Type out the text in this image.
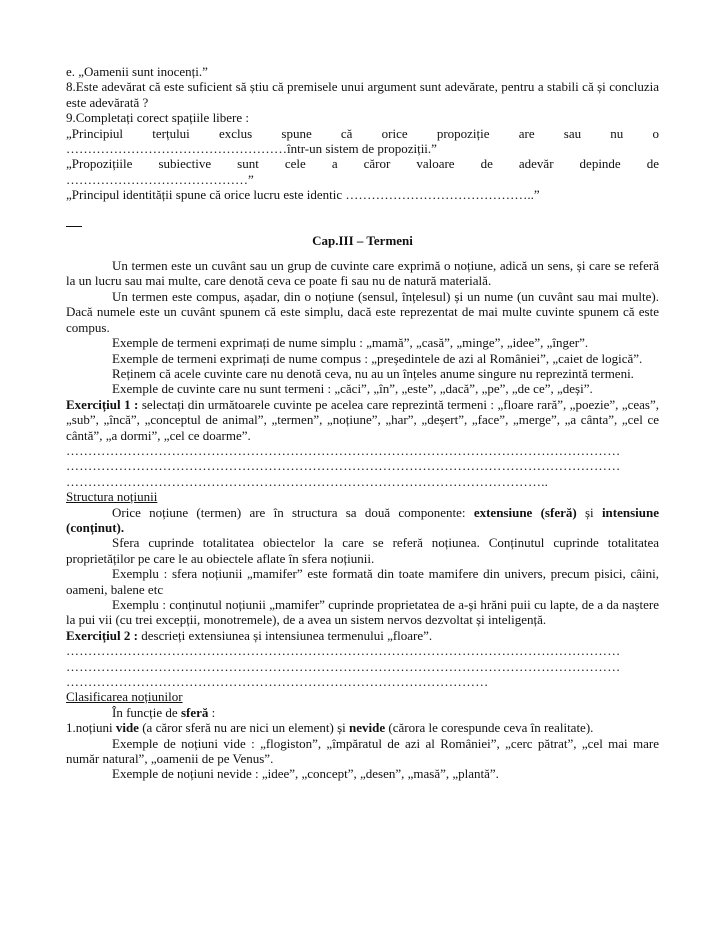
e. „Oamenii sunt inocenți.”

8.Este adevărat că este suficient să știu că premisele unui argument sunt adevărate, pentru a stabili că și concluzia este adevărată ?

9.Completați corect spațiile libere :

„Principiul terțului exclus spune că orice propoziție are sau nu o

……………………………………………într-un sistem de propoziții.”

„Propozițiile subiective sunt cele a căror valoare de adevăr depinde de

……………………………………”

„Principul identității spune că orice lucru este identic ……………………………………..”

Cap.III – Termeni

Un termen este un cuvânt sau un grup de cuvinte care exprimă o noțiune, adică un sens, și care se referă la un lucru sau mai multe, care denotă ceva ce poate fi sau nu de natură materială.

Un termen este compus, așadar, din o noțiune (sensul, înțelesul) și un nume (un cuvânt sau mai multe). Dacă numele este un cuvânt spunem că este simplu, dacă este reprezentat de mai multe cuvinte spunem că este compus.

Exemple de termeni exprimați de nume simplu : „mamă”, „casă”, „minge”, „idee”, „înger”.

Exemple de termeni exprimați de nume compus : „președintele de azi al României”, „caiet de logică”.

Reținem că acele cuvinte care nu denotă ceva, nu au un înțeles anume singure nu reprezintă termeni.

Exemple de cuvinte care nu sunt termeni : „căci”, „în”, „este”, „dacă”, „pe”, „de ce”, „deși”.

Exercițiul 1 : selectați din următoarele cuvinte pe acelea care reprezintă termeni : „floare rară”, „poezie”, „ceas”, „sub”, „încă”, „conceptul de animal”, „termen”, „noțiune”, „har”, „deșert”, „face”, „merge”, „a cânta”, „cel ce cântă”, „a dormi”, „cel ce doarme”.

………………………………………………………………………………………………………………

………………………………………………………………………………………………………………

………………………………………………………………………………………………..

Structura noțiunii

Orice noțiune (termen) are în structura sa două componente: extensiune (sferă) și intensiune (conținut).

Sfera cuprinde totalitatea obiectelor la care se referă noțiunea. Conținutul cuprinde totalitatea proprietăților pe care le au obiectele aflate în sfera noțiunii.

Exemplu : sfera noțiunii „mamifer” este formată din toate mamifere din univers, precum pisici, câini, oameni, balene etc

Exemplu : conținutul noțiunii „mamifer” cuprinde proprietatea de a-și hrăni puii cu lapte, de a da naștere la pui vii (cu trei excepții, monotremele), de a avea un sistem nervos dezvoltat și inteligență.

Exercițiul 2 : descrieți extensiunea și intensiunea termenului „floare”.

………………………………………………………………………………………………………………

………………………………………………………………………………………………………………

……………………………………………………………………………………

Clasificarea noțiunilor

În funcție de sferă :

1.noțiuni vide (a căror sferă nu are nici un element) și nevide (cărora le corespunde ceva în realitate).

Exemple de noțiuni vide : „flogiston”, „împăratul de azi al României”, „cerc pătrat”, „cel mai mare număr natural”, „oamenii de pe Venus”.

Exemple de noțiuni nevide : „idee”, „concept”, „desen”, „masă”, „plantă”.
